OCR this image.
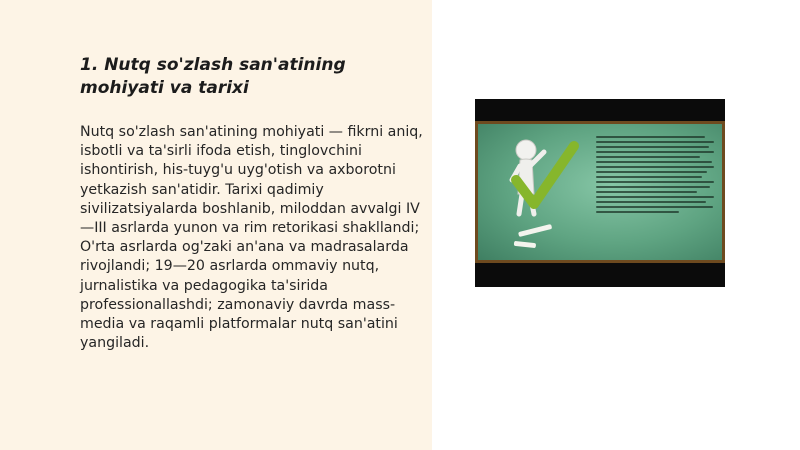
1. Nutq so'zlash san'atining mohiyati va tarixi

Nutq so'zlash san'atining mohiyati — fikrni aniq, isbotli va ta'sirli ifoda etish, tinglovchini ishontirish, his-tuyg'u uyg'otish va axborotni yetkazish san'atidir. Tarixi qadimiy sivilizatsiyalarda boshlanib, miloddan avvalgi IV—III asrlarda yunon va rim retorikasi shakllandi; O'rta asrlarda og'zaki an'ana va madrasalarda rivojlandi; 19—20 asrlarda ommaviy nutq, jurnalistika va pedagogika ta'sirida professionallashdi; zamonaviy davrda mass-media va raqamli platformalar nutq san'atini yangiladi.
